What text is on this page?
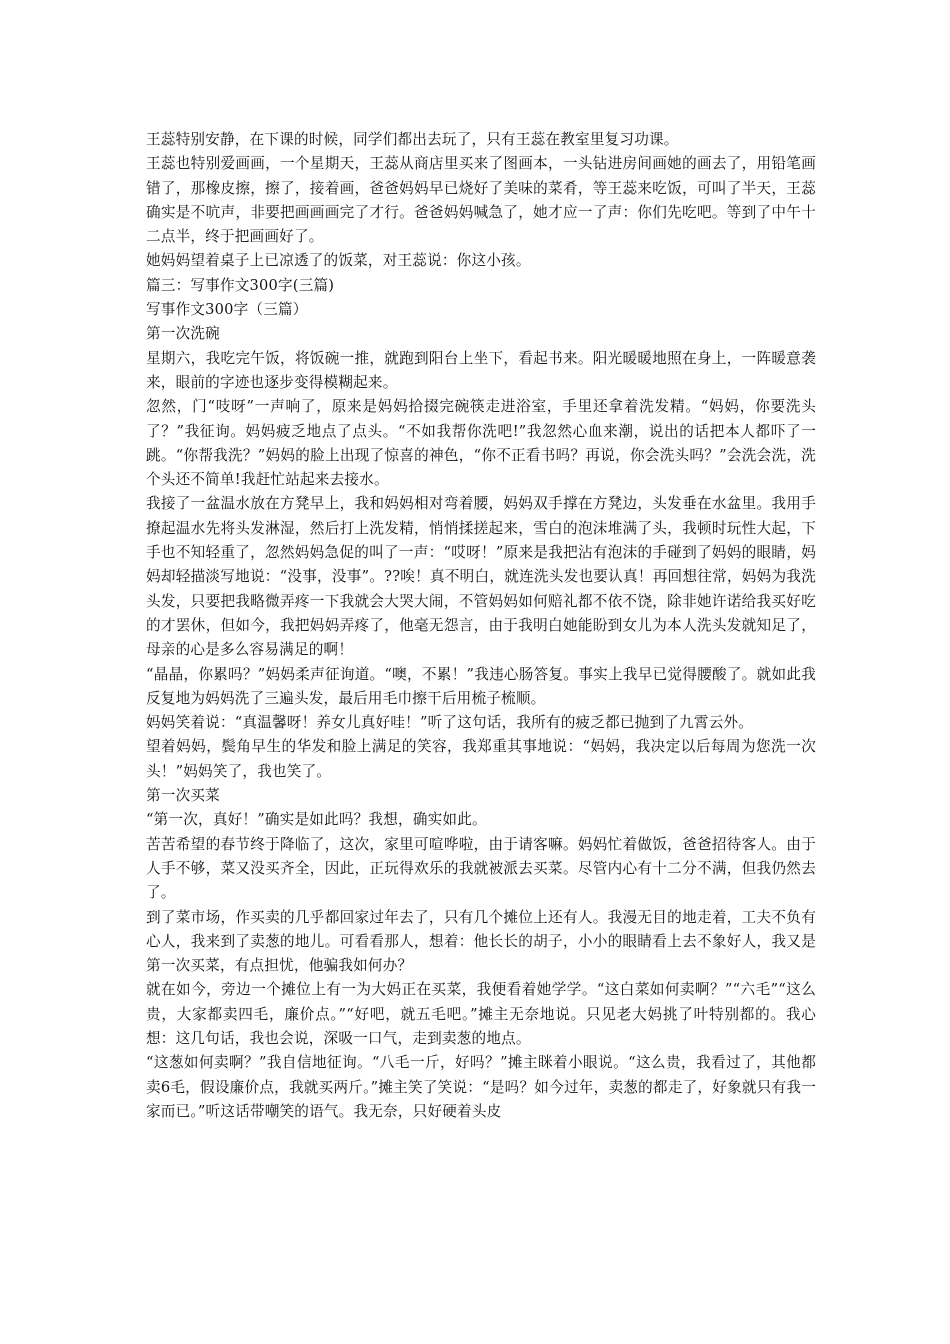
王蕊特别安静，在下课的时候，同学们都出去玩了，只有王蕊在教室里复习功课。

王蕊也特别爱画画，一个星期天，王蕊从商店里买来了图画本，一头钻进房间画她的画去了，用铅笔画错了，那橡皮擦，擦了，接着画，爸爸妈妈早已烧好了美味的菜肴，等王蕊来吃饭，可叫了半天，王蕊确实是不吭声，非要把画画画完了才行。爸爸妈妈喊急了，她才应一了声：你们先吃吧。等到了中午十二点半，终于把画画好了。

她妈妈望着桌子上已凉透了的饭菜，对王蕊说：你这小孩。

篇三：写事作文300字(三篇)

写事作文300字（三篇）

第一次洗碗

星期六，我吃完午饭，将饭碗一推，就跑到阳台上坐下，看起书来。阳光暖暖地照在身上，一阵暖意袭来，眼前的字迹也逐步变得模糊起来。

忽然，门“吱呀”一声响了，原来是妈妈拾掇完碗筷走进浴室，手里还拿着洗发精。“妈妈，你要洗头了？”我征询。妈妈疲乏地点了点头。“不如我帮你洗吧!”我忽然心血来潮，说出的话把本人都吓了一跳。“你帮我洗？”妈妈的脸上出现了惊喜的神色，“你不正看书吗？再说，你会洗头吗？”会洗会洗，洗个头还不简单!我赶忙站起来去接水。

我接了一盆温水放在方凳早上，我和妈妈相对弯着腰，妈妈双手撑在方凳边，头发垂在水盆里。我用手撩起温水先将头发淋湿，然后打上洗发精，悄悄揉搓起来，雪白的泡沫堆满了头，我顿时玩性大起，下手也不知轻重了，忽然妈妈急促的叫了一声：“哎呀！”原来是我把沾有泡沫的手碰到了妈妈的眼睛，妈妈却轻描淡写地说：“没事，没事”。??唉！真不明白，就连洗头发也要认真！再回想往常，妈妈为我洗头发，只要把我略微弄疼一下我就会大哭大闹，不管妈妈如何赔礼都不依不饶，除非她许诺给我买好吃的才罢休，但如今，我把妈妈弄疼了，他毫无怨言，由于我明白她能盼到女儿为本人洗头发就知足了，母亲的心是多么容易满足的啊！

“晶晶，你累吗？”妈妈柔声征询道。“噢，不累！”我违心肠答复。事实上我早已觉得腰酸了。就如此我反复地为妈妈洗了三遍头发，最后用毛巾擦干后用梳子梳顺。

妈妈笑着说：“真温馨呀！养女儿真好哇！”听了这句话，我所有的疲乏都已抛到了九霄云外。

望着妈妈，鬓角早生的华发和脸上满足的笑容，我郑重其事地说：“妈妈，我决定以后每周为您洗一次头！”妈妈笑了，我也笑了。

第一次买菜

“第一次，真好！”确实是如此吗？我想，确实如此。

苦苦希望的春节终于降临了，这次，家里可喧哗啦，由于请客嘛。妈妈忙着做饭，爸爸招待客人。由于人手不够，菜又没买齐全，因此，正玩得欢乐的我就被派去买菜。尽管内心有十二分不满，但我仍然去了。

到了菜市场，作买卖的几乎都回家过年去了，只有几个摊位上还有人。我漫无目的地走着，工夫不负有心人，我来到了卖葱的地儿。可看看那人，想着：他长长的胡子，小小的眼睛看上去不象好人，我又是第一次买菜，有点担忧，他骗我如何办？

就在如今，旁边一个摊位上有一为大妈正在买菜，我便看着她学学。“这白菜如何卖啊？”“六毛”“这么贵，大家都卖四毛，廉价点。”“好吧，就五毛吧。”摊主无奈地说。只见老大妈挑了叶特别都的。我心想：这几句话，我也会说，深吸一口气，走到卖葱的地点。

“这葱如何卖啊？”我自信地征询。“八毛一斤，好吗？”摊主眯着小眼说。“这么贵，我看过了，其他都卖6毛，假设廉价点，我就买两斤。”摊主笑了笑说：“是吗？如今过年，卖葱的都走了，好象就只有我一家而已。”听这话带嘲笑的语气。我无奈，只好硬着头皮
